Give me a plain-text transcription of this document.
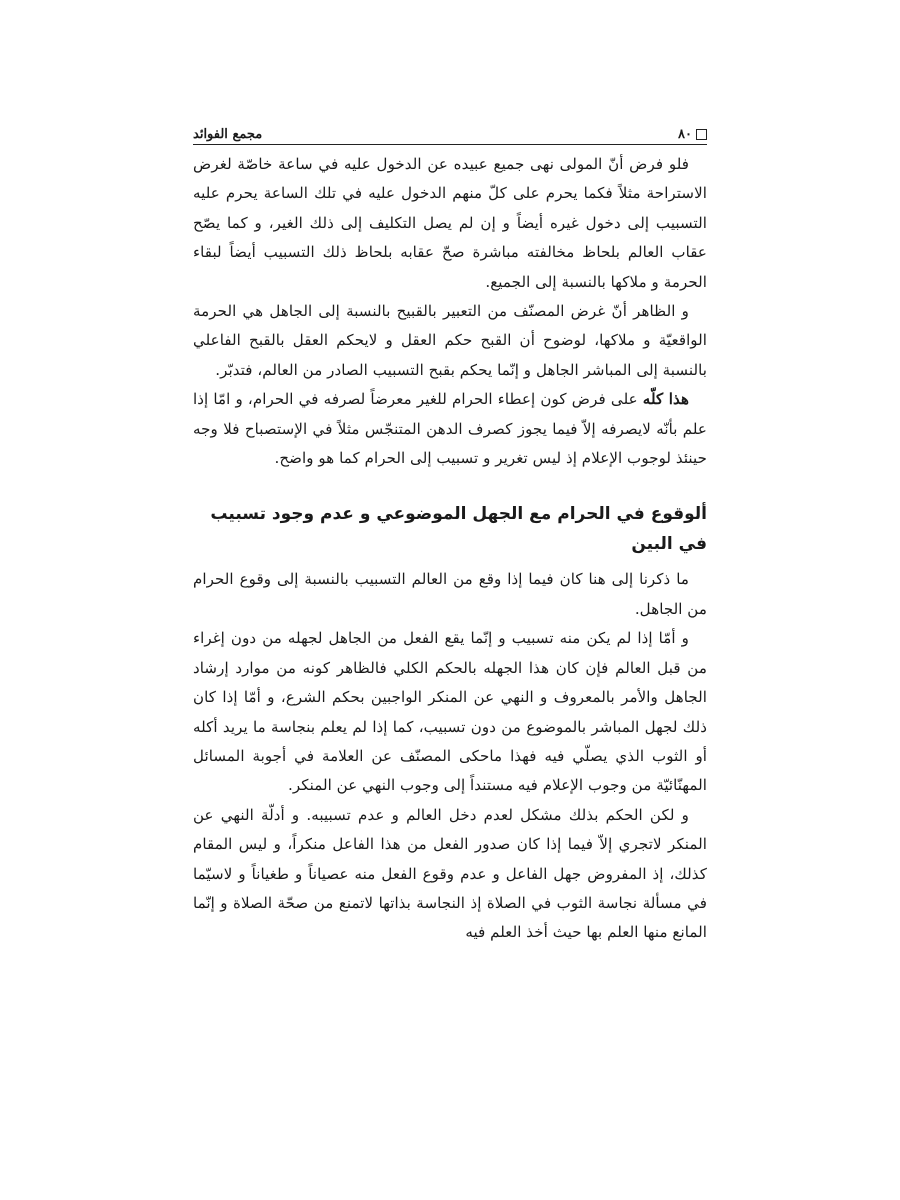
٨٠
مجمع الفوائد

فلو فرض أنّ المولى نهى جميع عبيده عن الدخول عليه في ساعة خاصّة لغرض الاستراحة مثلاً فكما يحرم على كلّ منهم الدخول عليه في تلك الساعة يحرم عليه التسبيب إلى دخول غيره أيضاً و إن لم يصل التكليف إلى ذلك الغير، و كما يصّح عقاب العالم بلحاظ مخالفته مباشرة صحّ عقابه بلحاظ ذلك التسبيب أيضاً لبقاء الحرمة و ملاكها بالنسبة إلى الجميع.

و الظاهر أنّ غرض المصنّف من التعبير بالقبيح بالنسبة إلى الجاهل هي الحرمة الواقعيّة و ملاكها، لوضوح أن القبح حكم العقل و لايحكم العقل بالقبح الفاعلي بالنسبة إلى المباشر الجاهل و إنّما يحكم بقبح التسبيب الصادر من العالم، فتدبّر.

هذا كلّه على فرض كون إعطاء الحرام للغير معرضاً لصرفه في الحرام، و امّا إذا علم بأنّه لايصرفه إلاّ فيما يجوز كصرف الدهن المتنجّس مثلاً في الإستصباح فلا وجه حينئذ لوجوب الإعلام إذ ليس تغرير و تسبيب إلى الحرام كما هو واضح.

ألوقوع في الحرام مع الجهل الموضوعي و عدم وجود تسبيب في البين

ما ذكرنا إلى هنا كان فيما إذا وقع من العالم التسبيب بالنسبة إلى وقوع الحرام من الجاهل.

و أمّا إذا لم يكن منه تسبيب و إنّما يقع الفعل من الجاهل لجهله من دون إغراء من قبل العالم فإن كان هذا الجهله بالحكم الكلي فالظاهر كونه من موارد إرشاد الجاهل والأمر بالمعروف و النهي عن المنكر الواجبين بحكم الشرع، و أمّا إذا كان ذلك لجهل المباشر بالموضوع من دون تسبيب، كما إذا لم يعلم بنجاسة ما يريد أكله أو الثوب الذي يصلّي فيه فهذا ماحكى المصنّف عن العلامة في أجوبة المسائل المهنّائيّة من وجوب الإعلام فيه مستنداً إلى وجوب النهي عن المنكر.

و لكن الحكم بذلك مشكل لعدم دخل العالم و عدم تسبيبه. و أدلّة النهي عن المنكر لاتجري إلاّ فيما إذا كان صدور الفعل من هذا الفاعل منكراً، و ليس المقام كذلك، إذ المفروض جهل الفاعل و عدم وقوع الفعل منه عصياناً و طغياناً و لاسيّما في مسألة نجاسة الثوب في الصلاة إذ النجاسة بذاتها لاتمنع من صحّة الصلاة و إنّما المانع منها العلم بها حيث أخذ العلم فيه
